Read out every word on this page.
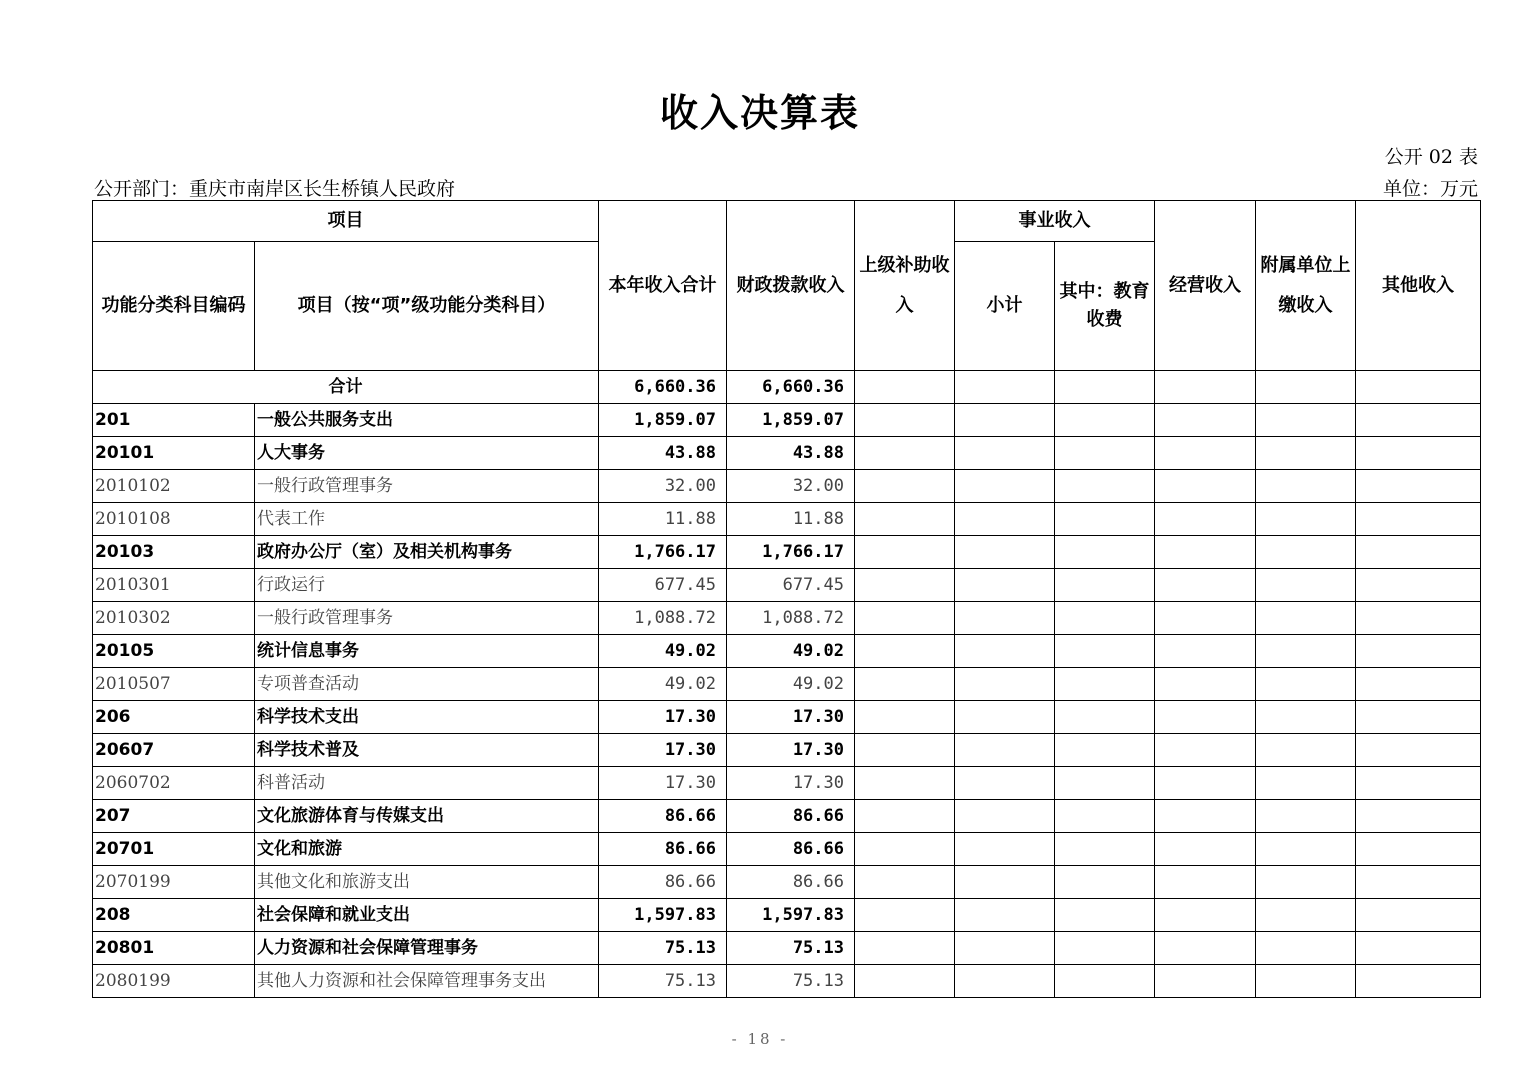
收入决算表
公开 02 表
公开部门：重庆市南岸区长生桥镇人民政府	单位：万元
项目		本年收入合计	财政拨款收入	上级补助收入	事业收入		经营收入	附属单位上缴收入	其他收入
功能分类科目编码	项目（按“项”级功能分类科目）				小计	其中：教育收费			
合计		6,660.36	6,660.36						
201	一般公共服务支出	1,859.07	1,859.07						
20101	人大事务	43.88	43.88						
2010102	一般行政管理事务	32.00	32.00						
2010108	代表工作	11.88	11.88						
20103	政府办公厅（室）及相关机构事务	1,766.17	1,766.17						
2010301	行政运行	677.45	677.45						
2010302	一般行政管理事务	1,088.72	1,088.72						
20105	统计信息事务	49.02	49.02						
2010507	专项普查活动	49.02	49.02						
206	科学技术支出	17.30	17.30						
20607	科学技术普及	17.30	17.30						
2060702	科普活动	17.30	17.30						
207	文化旅游体育与传媒支出	86.66	86.66						
20701	文化和旅游	86.66	86.66						
2070199	其他文化和旅游支出	86.66	86.66						
208	社会保障和就业支出	1,597.83	1,597.83						
20801	人力资源和社会保障管理事务	75.13	75.13						
2080199	其他人力资源和社会保障管理事务支出	75.13	75.13						
- 18 -
